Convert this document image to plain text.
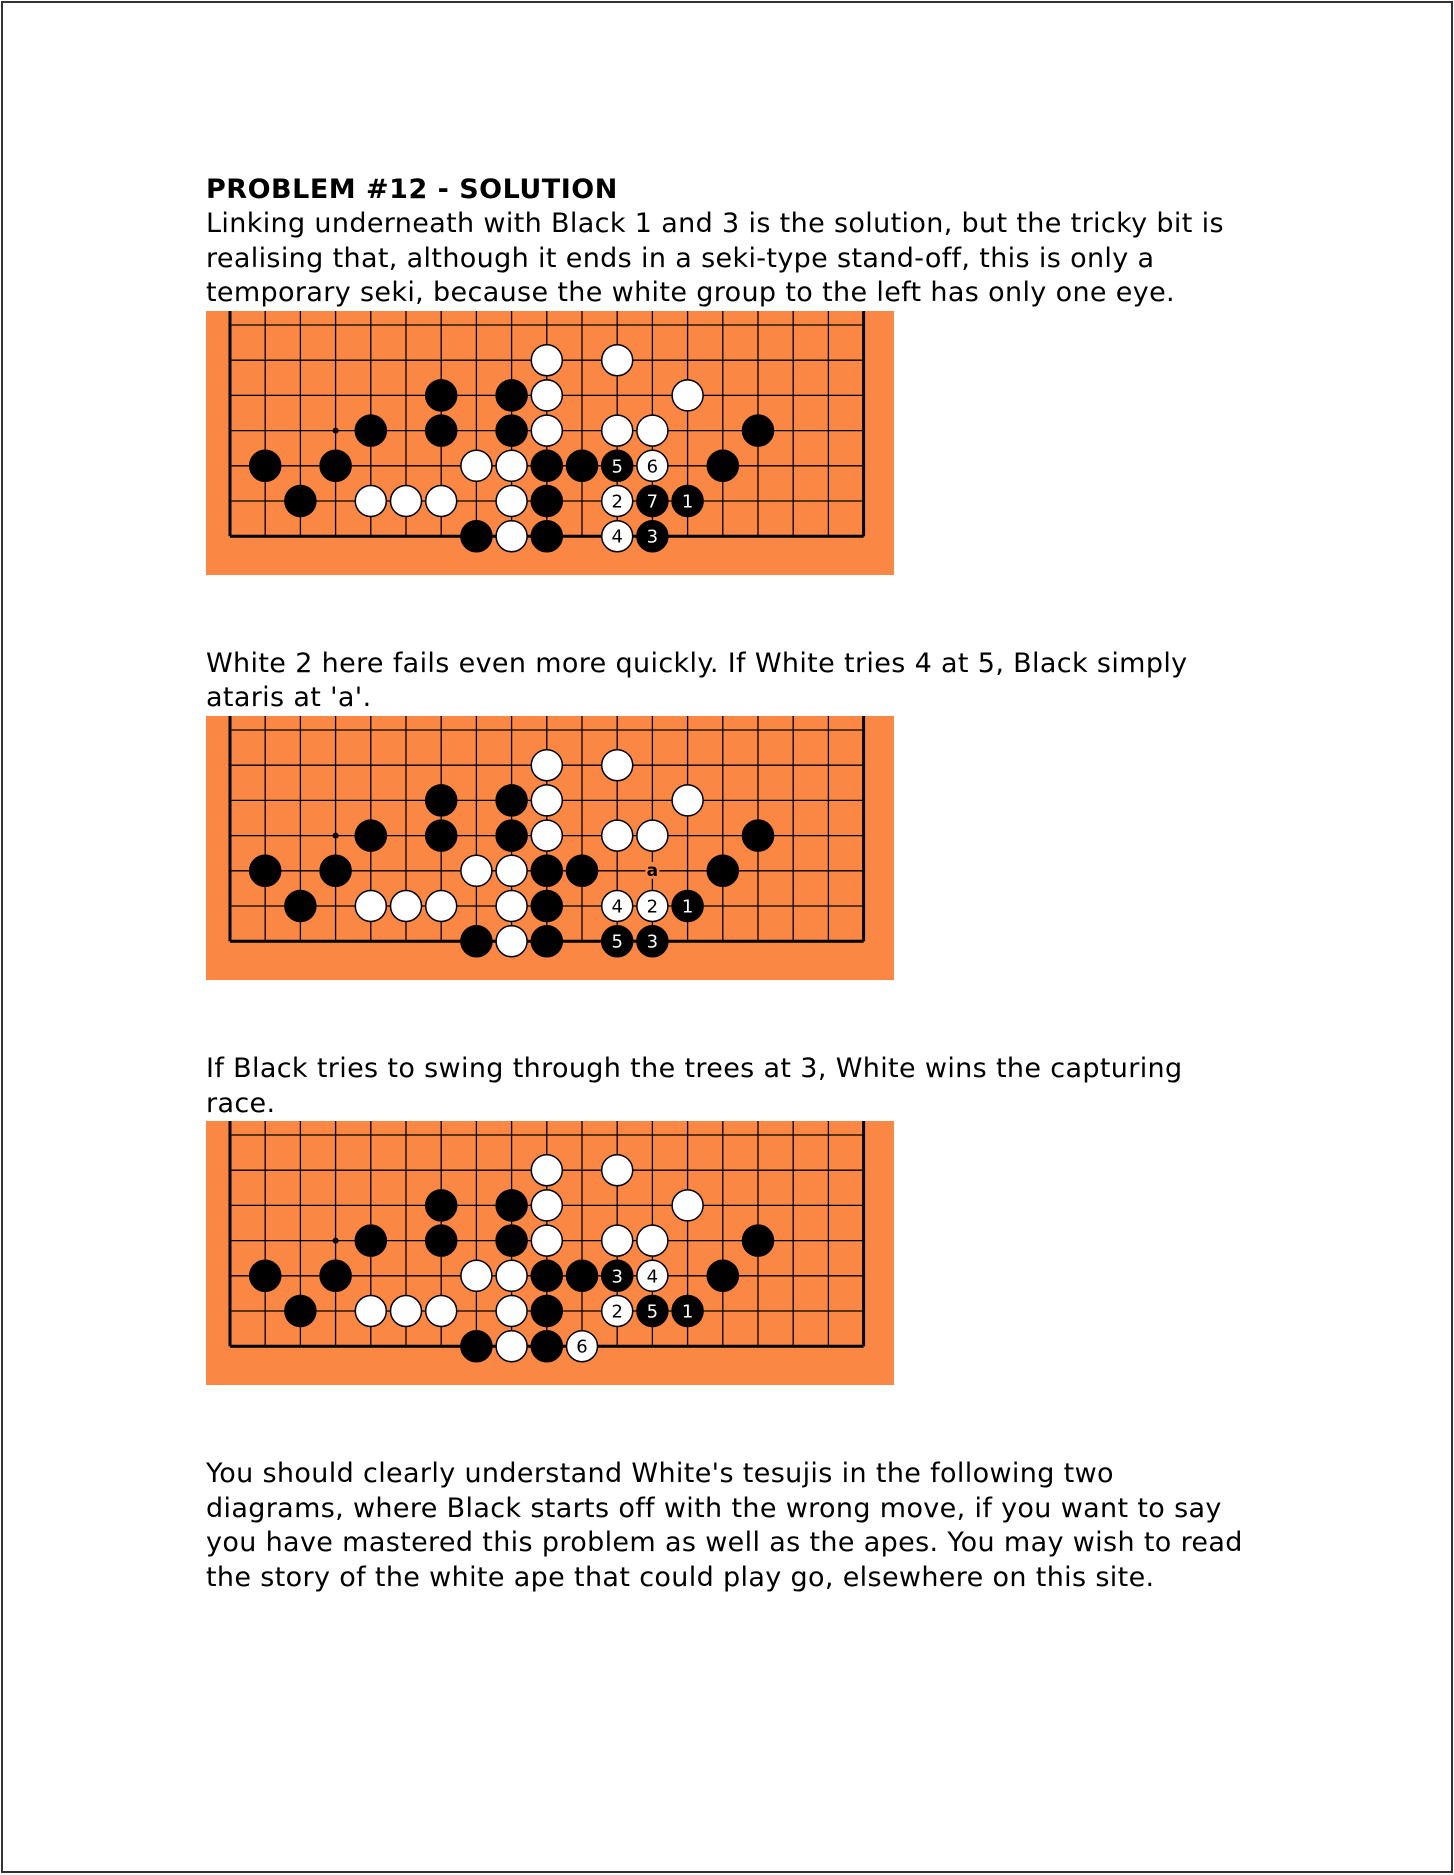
PROBLEM #12 - SOLUTION

Linking underneath with Black 1 and 3 is the solution, but the tricky bit is realising that, although it ends in a seki-type stand-off, this is only a temporary seki, because the white group to the left has only one eye.

5 6
2 7 1
4 3

White 2 here fails even more quickly. If White tries 4 at 5, Black simply ataris at 'a'.

4 2 1
5 3
a

If Black tries to swing through the trees at 3, White wins the capturing race.

3 4
2 5 1
6

You should clearly understand White's tesujis in the following two diagrams, where Black starts off with the wrong move, if you want to say you have mastered this problem as well as the apes. You may wish to read the story of the white ape that could play go, elsewhere on this site.
